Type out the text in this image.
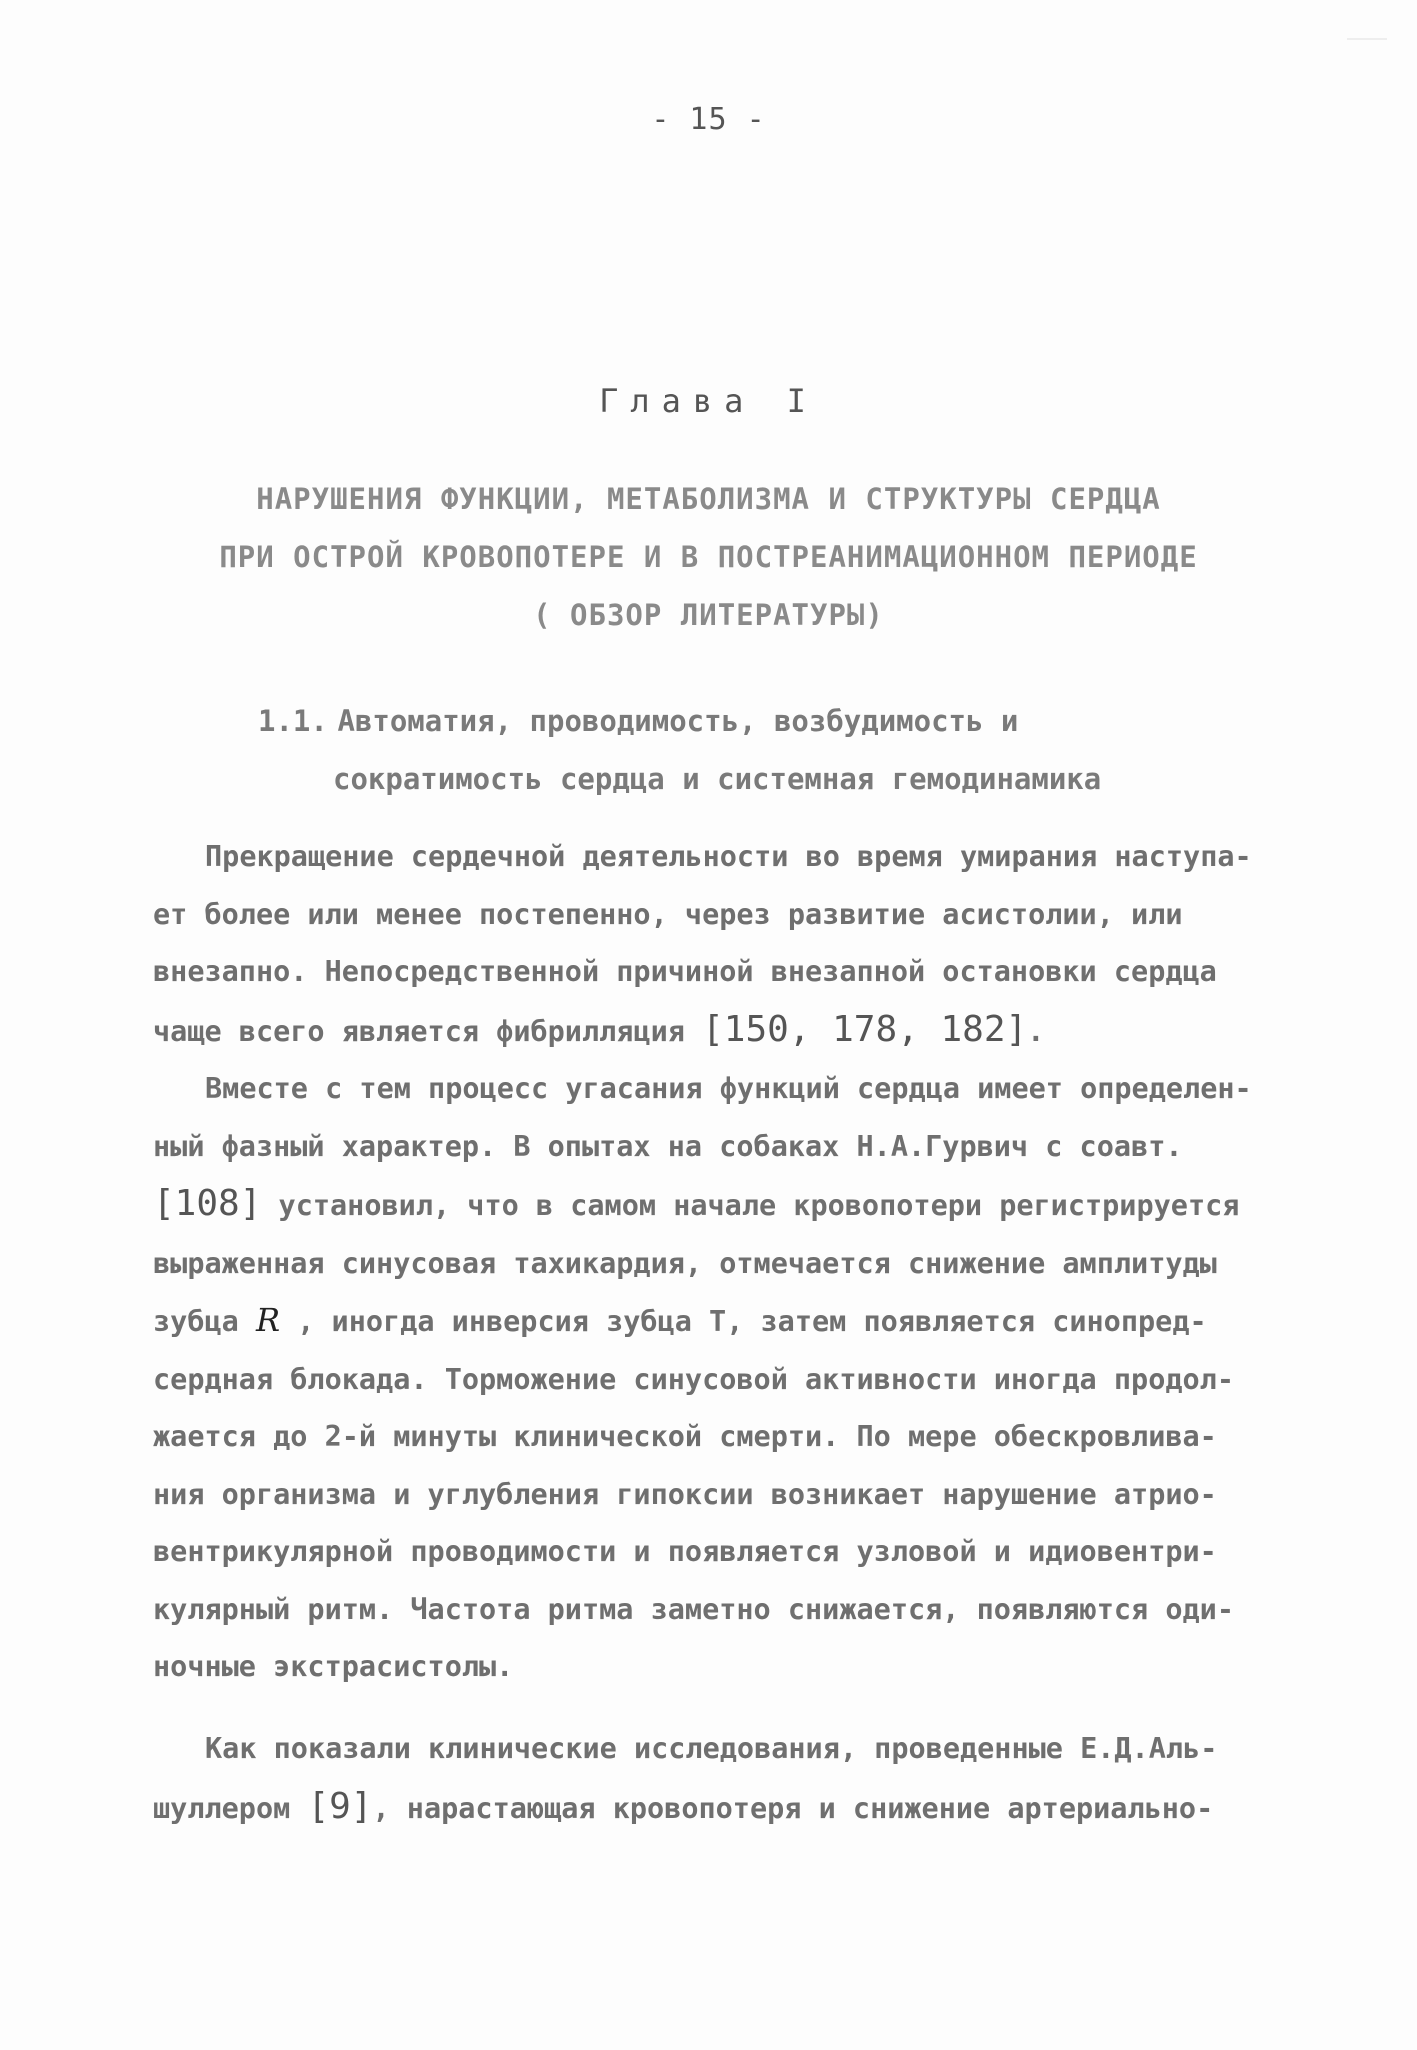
- 15 -
Глава I
НАРУШЕНИЯ ФУНКЦИИ, МЕТАБОЛИЗМА И СТРУКТУРЫ СЕРДЦА
ПРИ ОСТРОЙ КРОВОПОТЕРЕ И В ПОСТРЕАНИМАЦИОННОМ ПЕРИОДЕ
( ОБЗОР ЛИТЕРАТУРЫ)
1.1. Автоматия, проводимость, возбудимость и
сократимость сердца и системная гемодинамика
Прекращение сердечной деятельности во время умирания наступа-
ет более или менее постепенно, через развитие асистолии, или
внезапно. Непосредственной причиной внезапной остановки сердца
чаще всего является фибрилляция [150, 178, 182].
Вместе с тем процесс угасания функций сердца имеет определен-
ный фазный характер. В опытах на собаках Н.А.Гурвич с соавт.
[108] установил, что в самом начале кровопотери регистрируется
выраженная синусовая тахикардия, отмечается снижение амплитуды
зубца R , иногда инверсия зубца Т, затем появляется синопред-
сердная блокада. Торможение синусовой активности иногда продол-
жается до 2-й минуты клинической смерти. По мере обескровлива-
ния организма и углубления гипоксии возникает нарушение атрио-
вентрикулярной проводимости и появляется узловой и идиовентри-
кулярный ритм. Частота ритма заметно снижается, появляются оди-
ночные экстрасистолы.
Как показали клинические исследования, проведенные Е.Д.Аль-
шуллером [9], нарастающая кровопотеря и снижение артериально-
